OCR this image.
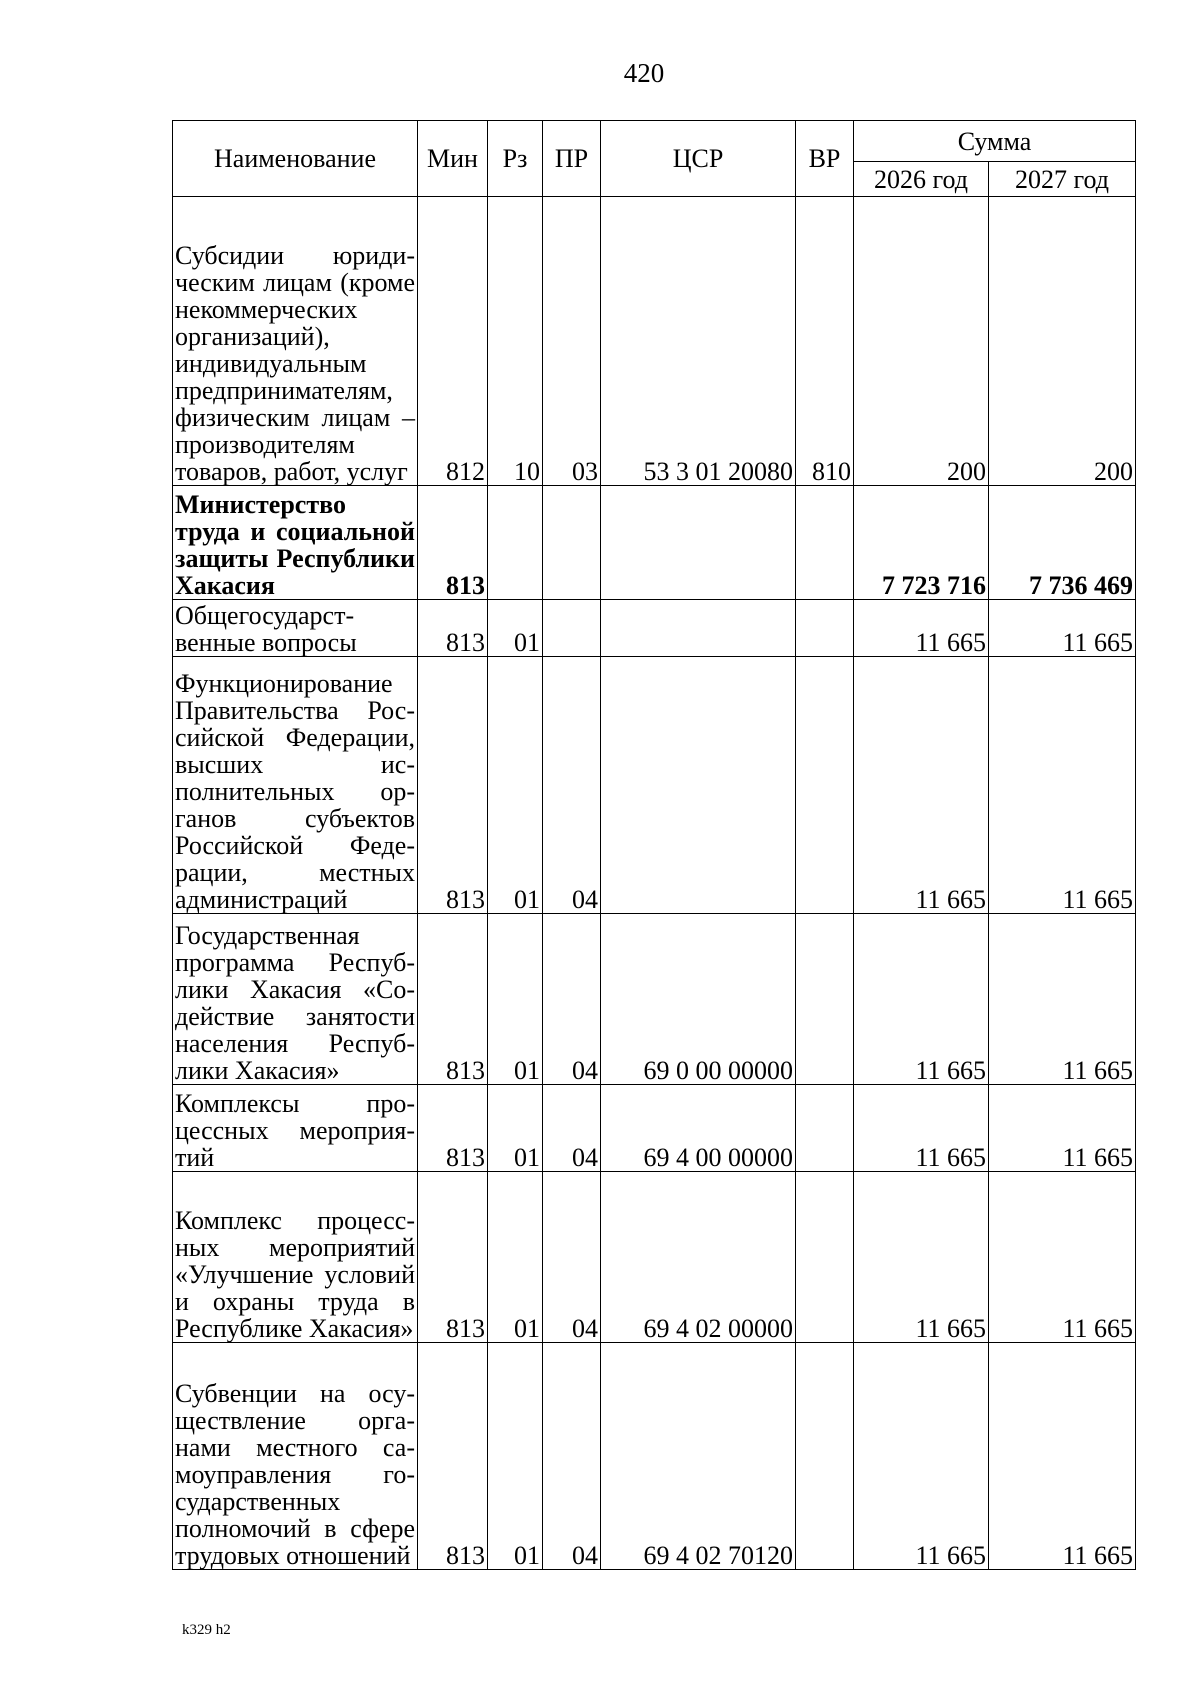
420
Наименование	Мин	Рз	ПР	ЦСР	ВР	Сумма	
						2026 год	2027 год
Субсидии юридическим лицам (кроме некоммерческих организаций), индивидуальным предпринимателям, физическим лицам – производителям товаров, работ, услуг	812	10	03	53 3 01 20080	810	200	200
Министерство труда и социальной защиты Республики Хакасия	813					7 723 716	7 736 469
Общегосударственные вопросы	813	01				11 665	11 665
Функционирование Правительства Российской Федерации, высших исполнительных органов субъектов Российской Федерации, местных администраций	813	01	04			11 665	11 665
Государственная программа Республики Хакасия «Содействие занятости населения Республики Хакасия»	813	01	04	69 0 00 00000		11 665	11 665
Комплексы процессных мероприятий	813	01	04	69 4 00 00000		11 665	11 665
Комплекс процессных мероприятий «Улучшение условий и охраны труда в Республике Хакасия»	813	01	04	69 4 02 00000		11 665	11 665
Субвенции на осуществление органами местного самоуправления государственных полномочий в сфере трудовых отношений	813	01	04	69 4 02 70120		11 665	11 665
k329 h2
